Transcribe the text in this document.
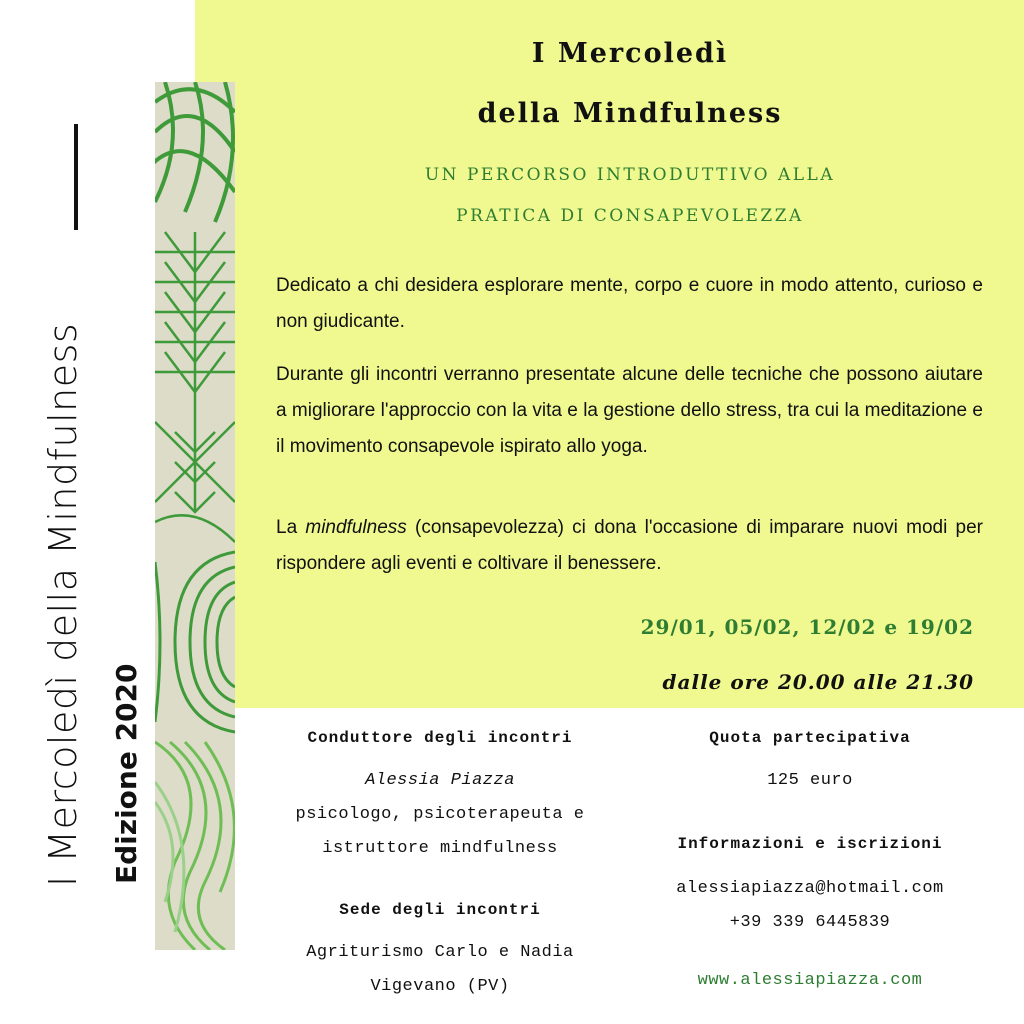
I Mercoledì della Mindfulness Edizione 2020
I Mercoledì
della Mindfulness
UN PERCORSO INTRODUTTIVO ALLA
PRATICA DI CONSAPEVOLEZZA
Dedicato a chi desidera esplorare mente, corpo e cuore in modo attento, curioso e non giudicante.
Durante gli incontri verranno presentate alcune delle tecniche che possono aiutare a migliorare l'approccio con la vita e la gestione dello stress, tra cui la meditazione e il movimento consapevole ispirato allo yoga.
La mindfulness (consapevolezza) ci dona l'occasione di imparare nuovi modi per rispondere agli eventi e coltivare il benessere.
29/01, 05/02, 12/02 e 19/02
dalle ore 20.00 alle 21.30
Conduttore degli incontri
Alessia Piazza
psicologo, psicoterapeuta e
istruttore mindfulness
Sede degli incontri
Agriturismo Carlo e Nadia
Vigevano (PV)
Quota partecipativa
125 euro
Informazioni e iscrizioni
alessiapiazza@hotmail.com
+39 339 6445839
www.alessiapiazza.com
